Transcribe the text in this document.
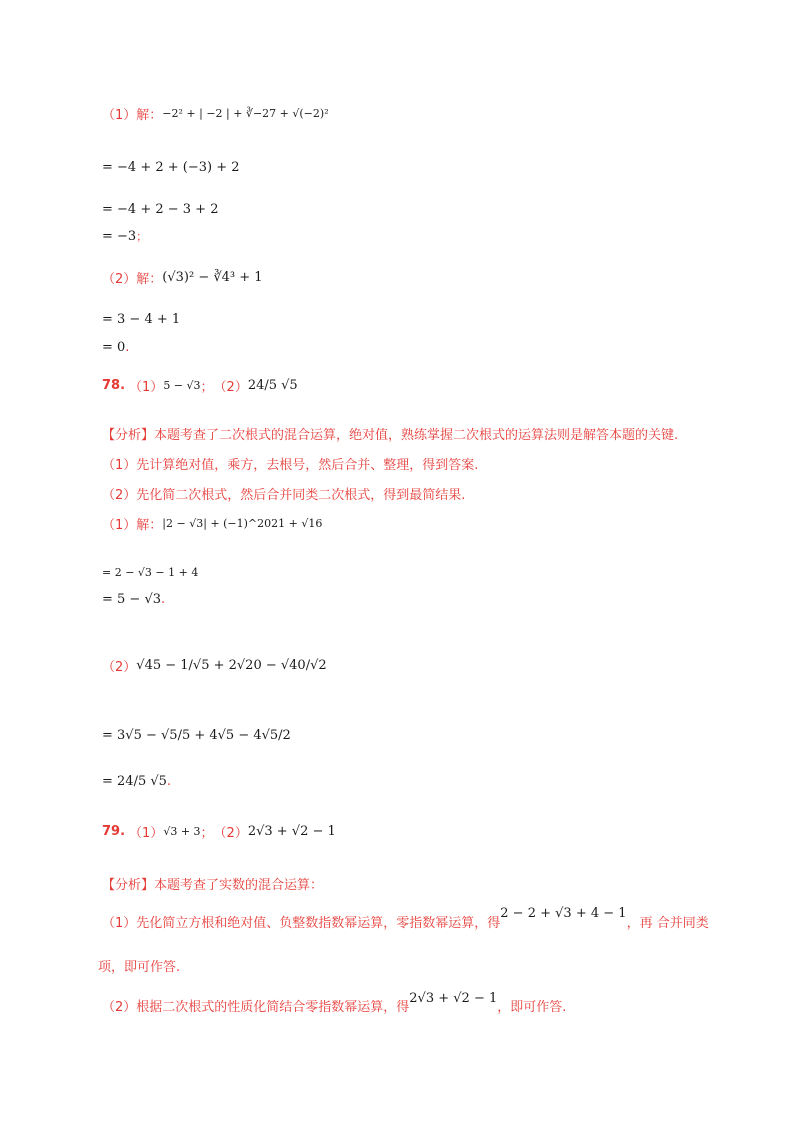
（1）解： −2² + | −2 | + ∛−27 + √(−2)²
= −4 + 2 + (−3) + 2
= −4 + 2 − 3 + 2
= −3 ；
（2）解： (√3)² − ∛4³ + 1
= 3 − 4 + 1
= 0 .
78. （1） 5 − √3 ； （2） 24/5 √5
【分析】 本题考查了二次根式的混合运算，绝对值，熟练掌握二次根式的运算法则是解答本题的关键.
（1）先计算绝对值，乘方，去根号，然后合并、整理，得到答案.
（2）先化简二次根式，然后合并同类二次根式，得到最简结果.
（1）解： |2 − √3| + (−1)^2021 + √16
= 2 − √3 − 1 + 4
= 5 − √3 .
（2） √45 − 1/√5 + 2√20 − √40/√2
= 3√5 − √5/5 + 4√5 − 4√5/2
= 24/5 √5 .
79. （1） √3 + 3 ； （2） 2√3 + √2 − 1
【分析】 本题考查了实数的混合运算：
（1）先化简立方根和绝对值、负整数指数幂运算，零指数幂运算，得
2 − 2 + √3 + 4 − 1
，再 合并同类
项，即可作答.
（2）根据二次根式的性质化简结合零指数幂运算，得
2√3 + √2 − 1
，即可作答.
